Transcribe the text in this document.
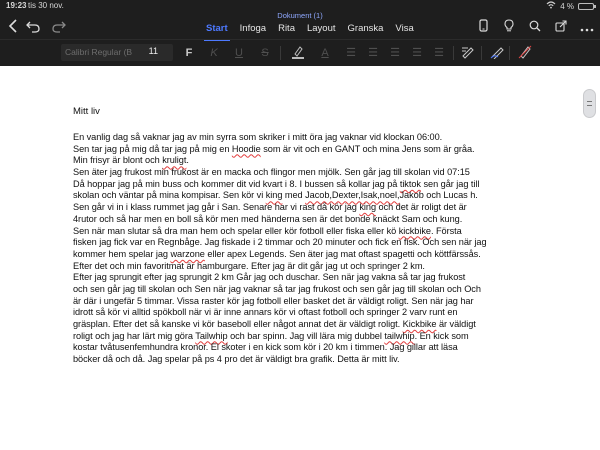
19:23 tis 30 nov.	4 %
Dokument (1)
Start	Infoga	Rita	Layout	Granska	Visa
Calibri Regular (B 11	F	K	U	S	A	☰	☰	☰	☰	☰
Mitt liv
En vanlig dag så vaknar jag av min syrra som skriker i mitt öra jag vaknar vid klockan 06:00.
Sen tar jag på mig då tar jag på mig en Hoodie som är vit och en GANT och mina Jens som är gråa.
Min frisyr är blont och kruligt.
Sen äter jag frukost min frukost är en macka och flingor men mjölk. Sen går jag till skolan vid 07:15
Då hoppar jag på min buss och kommer dit vid kvart i 8. I bussen så kollar jag på tiktok sen går jag till
skolan och väntar på mina kompisar. Sen kör vi king med Jacob,Dexter,Isak,noel,Jakob och Lucas h.
Sen går vi in i klass rummet jag går i San. Senare har vi rast då kör jag king och det är roligt det är
4rutor och så har men en boll så kör men med händerna sen är det bonde knäckt Sam och kung.
Sen när man slutar så dra man hem och spelar eller kör fotboll eller fiska eller kö kickbike. Första
fisken jag fick var en Regnbåge. Jag fiskade i 2 timmar och 20 minuter och fick en fisk. Och sen när jag
kommer hem spelar jag warzone eller apex Legends. Sen äter jag mat oftast spagetti och köttfärssås.
Efter det och min favoritmat är hamburgare. Efter jag är dit går jag ut och springer 2 km.
Efter jag sprungit efter jag sprungit 2 km Går jag och duschar. Sen när jag vakna så tar jag frukost
och sen går jag till skolan och Sen när jag vaknar så tar jag frukost och sen går jag till skolan och Och
är där i ungefär 5 timmar. Vissa raster kör jag fotboll eller basket det är väldigt roligt. Sen när jag har
idrott så kör vi alltid spökboll när vi är inne annars kör vi oftast fotboll och springer 2 varv runt en
gräsplan. Efter det så kanske vi kör baseboll eller något annat det är väldigt roligt. Kickbike är väldigt
roligt och jag har lärt mig göra Tailwhip och bar spinn. Jag vill lära mig dubbel tailwhip. En kick som
kostar tvåtusenfemhundra kronor. El skoter i en kick som kör i 20 km i timmen. Jag gillar att läsa
böcker då och då. Jag spelar på ps 4 pro det är väldigt bra grafik. Detta är mitt liv.
